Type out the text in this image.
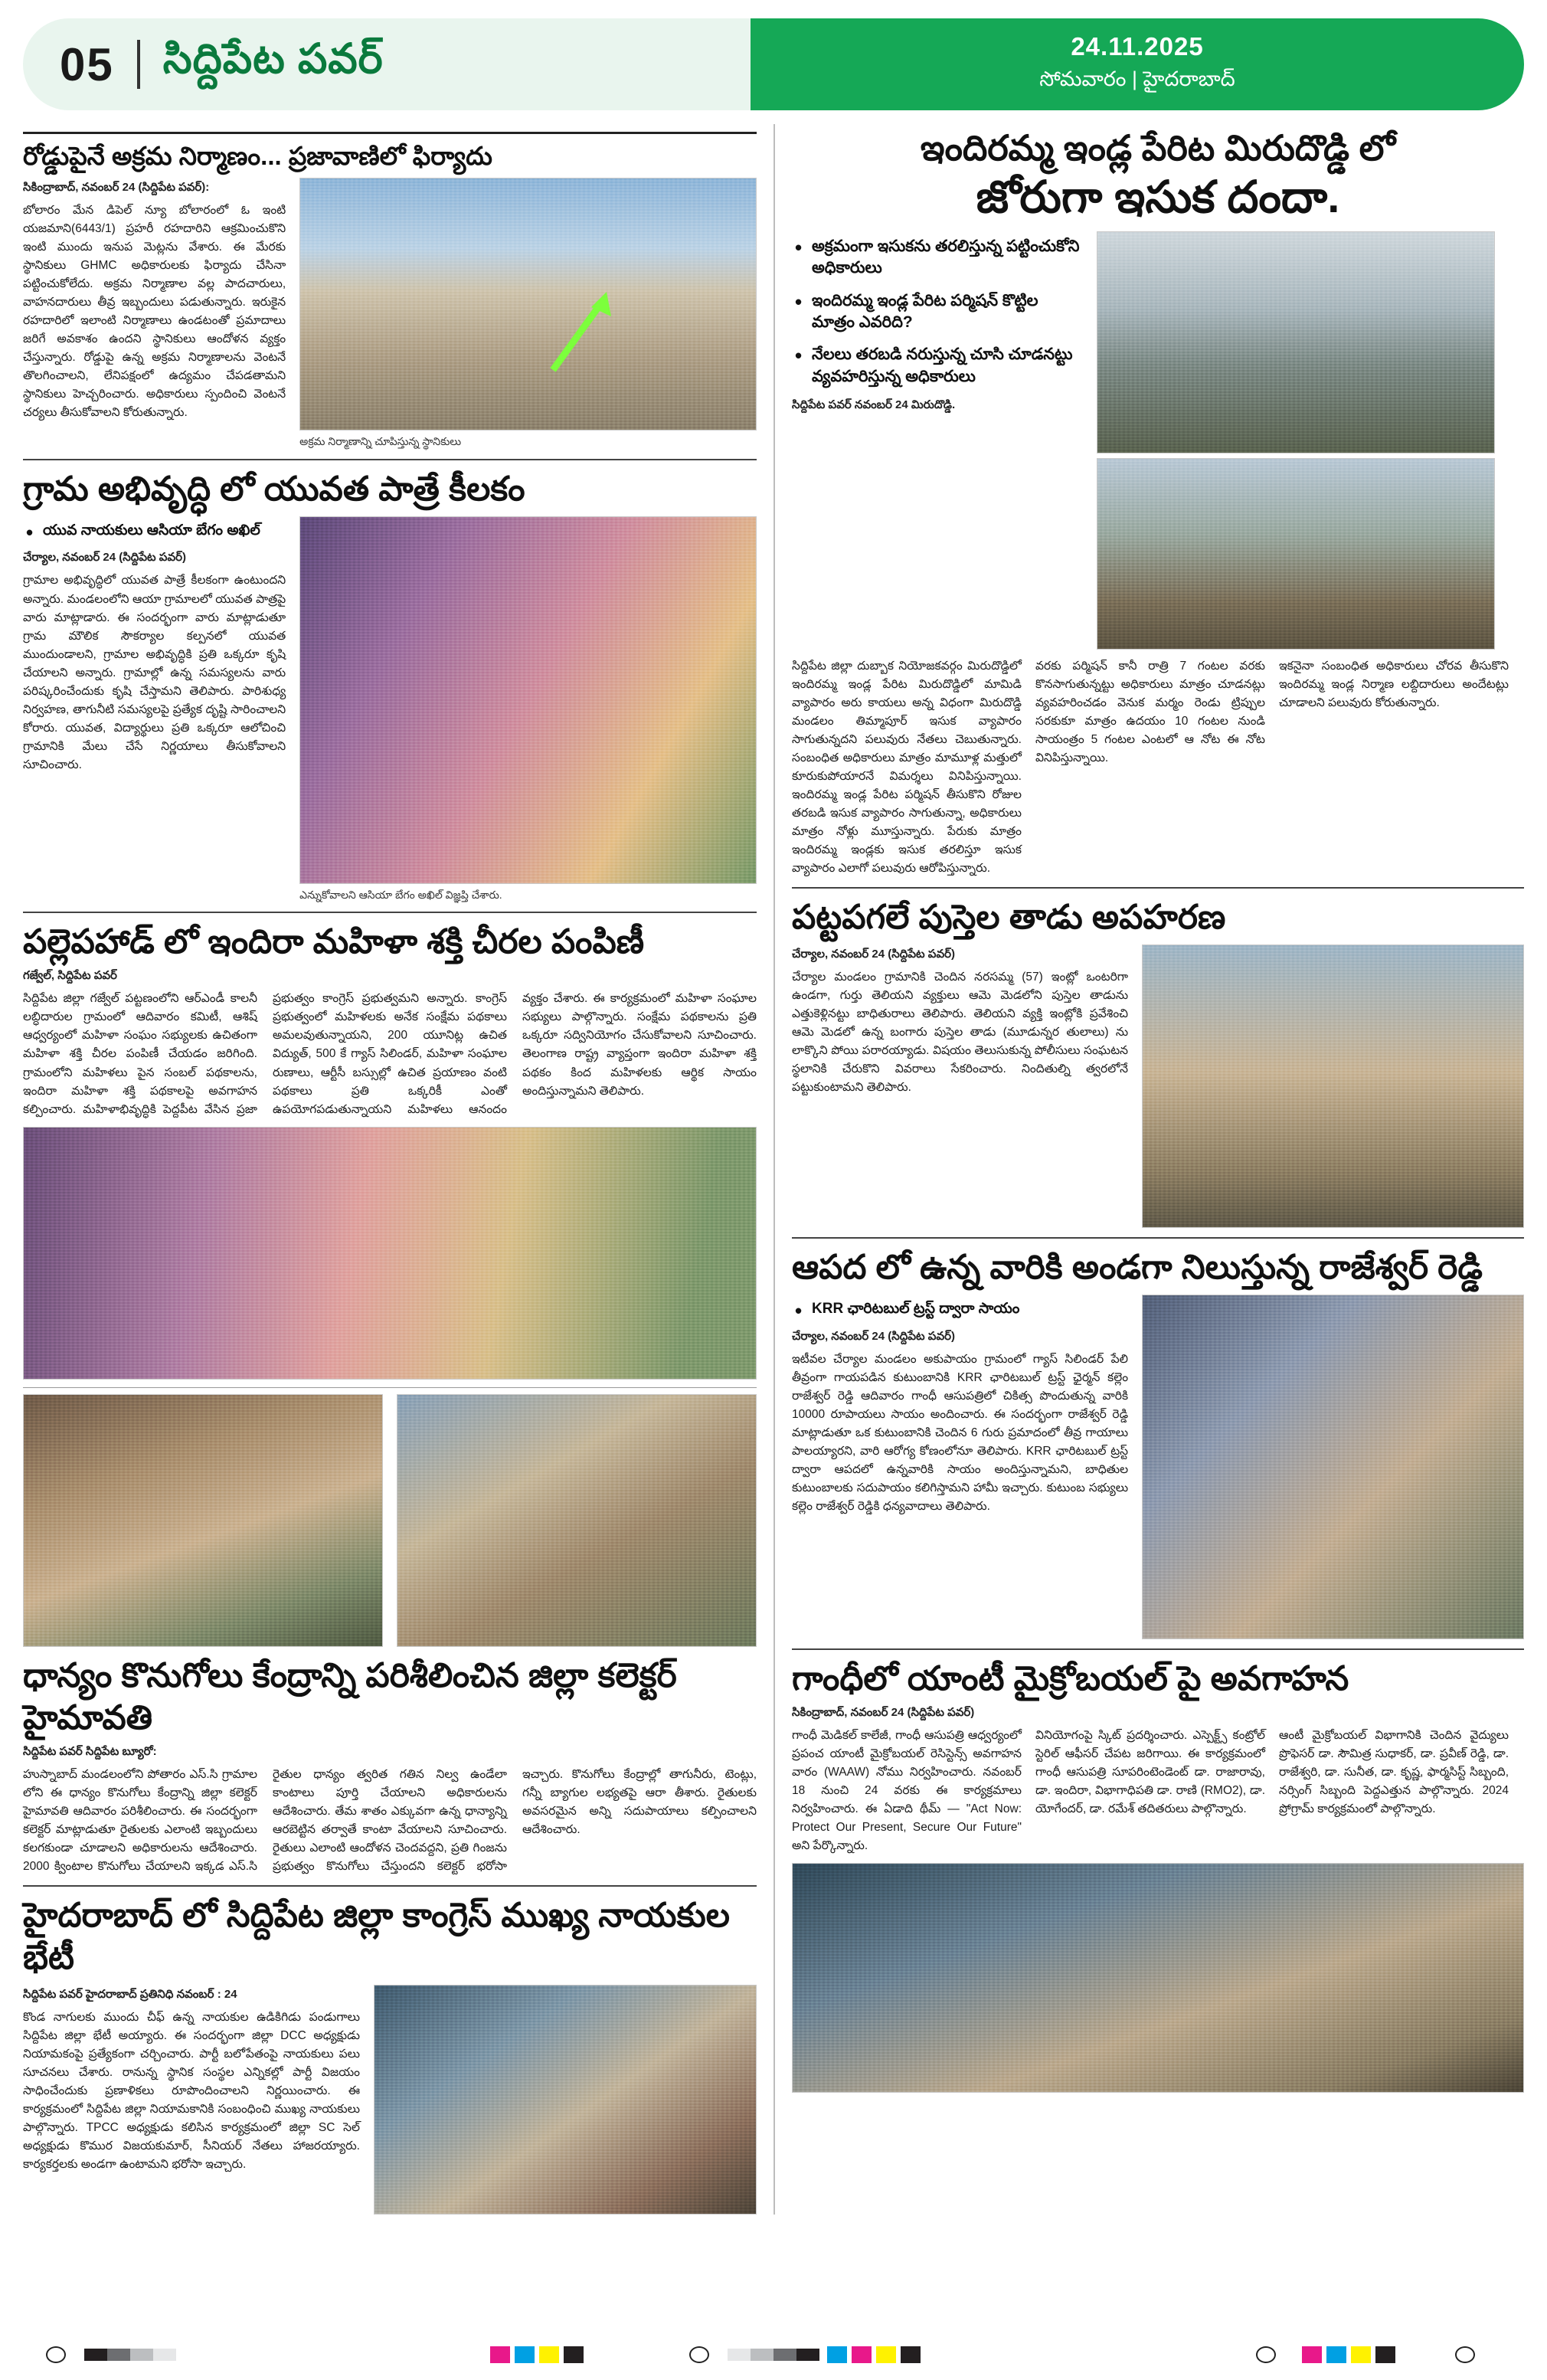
05 సిద్దిపేట పవర్	24.11.2025
సోమవారం | హైదరాబాద్
రోడ్డుపైనే అక్రమ నిర్మాణం... ప్రజావాణిలో ఫిర్యాదు
సికింద్రాబాద్, నవంబర్ 24 (సిద్దిపేట పవర్):
బోలారం మేన డిపెల్ న్యూ బోలారంలో ఓ ఇంటి యజమాని(6443/1) ప్రహరీ రహదారిని ఆక్రమించుకొని ఇంటి ముందు ఇనుప మెట్లను వేశారు. ఈ మేరకు స్థానికులు GHMC అధికారులకు ఫిర్యాదు చేసినా పట్టించుకోలేదు. అక్రమ నిర్మాణాల వల్ల పాదచారులు, వాహనదారులు తీవ్ర ఇబ్బందులు పడుతున్నారు. ఇరుకైన రహదారిలో ఇలాంటి నిర్మాణాలు ఉండటంతో ప్రమాదాలు జరిగే అవకాశం ఉందని స్థానికులు ఆందోళన వ్యక్తం చేస్తున్నారు. రోడ్డుపై ఉన్న అక్రమ నిర్మాణాలను వెంటనే తొలగించాలని, లేనిపక్షంలో ఉద్యమం చేపడతామని స్థానికులు హెచ్చరించారు. అధికారులు స్పందించి వెంటనే చర్యలు తీసుకోవాలని కోరుతున్నారు.
అక్రమ నిర్మాణాన్ని చూపిస్తున్న స్థానికులు
గ్రామ అభివృద్ధి లో యువత పాత్రే కీలకం
• యువ నాయకులు ఆసియా బేగం అఖిల్
చేర్యాల, నవంబర్ 24 (సిద్దిపేట పవర్)
గ్రామాల అభివృద్ధిలో యువత పాత్రే కీలకంగా ఉంటుందని అన్నారు. మండలంలోని ఆయా గ్రామాలలో యువత పాత్రపై వారు మాట్లాడారు. ఈ సందర్భంగా వారు మాట్లాడుతూ గ్రామ మౌలిక సౌకర్యాల కల్పనలో యువత ముందుండాలని, గ్రామాల అభివృద్ధికి ప్రతి ఒక్కరూ కృషి చేయాలని అన్నారు. గ్రామాల్లో ఉన్న సమస్యలను వారు పరిష్కరించేందుకు కృషి చేస్తామని తెలిపారు. పారిశుధ్య నిర్వహణ, తాగునీటి సమస్యలపై ప్రత్యేక దృష్టి సారించాలని కోరారు. యువత, విద్యార్థులు ప్రతి ఒక్కరూ ఆలోచించి గ్రామానికి మేలు చేసే నిర్ణయాలు తీసుకోవాలని సూచించారు.
ఎన్నుకోవాలని ఆసియా బేగం అఖిల్ విజ్ఞప్తి చేశారు.
పల్లెపహాడ్ లో ఇందిరా మహిళా శక్తి చీరల పంపిణీ
గజ్వేల్, సిద్దిపేట పవర్
సిద్దిపేట జిల్లా గజ్వేల్ పట్టణంలోని ఆర్ఎండీ కాలనీ లబ్ధిదారుల గ్రామంలో ఆదివారం కమిటీ, ఆశిష్ ఆధ్వర్యంలో మహిళా సంఘం సభ్యులకు ఉచితంగా మహిళా శక్తి చీరల పంపిణీ చేయడం జరిగింది. గ్రామంలోని మహిళలు పైన సంబల్ పథకాలను, ఇందిరా మహిళా శక్తి పథకాలపై అవగాహన కల్పించారు. మహిళాభివృద్ధికి పెద్దపీట వేసిన ప్రజా ప్రభుత్వం కాంగ్రెస్ ప్రభుత్వమని అన్నారు. కాంగ్రెస్ ప్రభుత్వంలో మహిళలకు అనేక సంక్షేమ పథకాలు అమలవుతున్నాయని, 200 యూనిట్ల ఉచిత విద్యుత్, 500 కే గ్యాస్ సిలిండర్, మహిళా సంఘాల రుణాలు, ఆర్టీసీ బస్సుల్లో ఉచిత ప్రయాణం వంటి పథకాలు ప్రతి ఒక్కరికీ ఎంతో ఉపయోగపడుతున్నాయని మహిళలు ఆనందం వ్యక్తం చేశారు. ఈ కార్యక్రమంలో మహిళా సంఘాల సభ్యులు పాల్గొన్నారు. సంక్షేమ పథకాలను ప్రతి ఒక్కరూ సద్వినియోగం చేసుకోవాలని సూచించారు. తెలంగాణ రాష్ట్ర వ్యాప్తంగా ఇందిరా మహిళా శక్తి పథకం కింద మహిళలకు ఆర్థిక సాయం అందిస్తున్నామని తెలిపారు.
ధాన్యం కొనుగోలు కేంద్రాన్ని పరిశీలించిన జిల్లా కలెక్టర్ హైమావతి
సిద్దిపేట పవర్ సిద్దిపేట బ్యూరో:
హుస్నాబాద్ మండలంలోని పోతారం ఎస్.సి గ్రామాల లోని ఈ ధాన్యం కొనుగోలు కేంద్రాన్ని జిల్లా కలెక్టర్ హైమావతి ఆదివారం పరిశీలించారు. ఈ సందర్భంగా కలెక్టర్ మాట్లాడుతూ రైతులకు ఎలాంటి ఇబ్బందులు కలగకుండా చూడాలని అధికారులను ఆదేశించారు. 2000 క్వింటాల కొనుగోలు చేయాలని ఇక్కడ ఎస్.సి రైతుల ధాన్యం త్వరిత గతిన నిల్వ ఉండేలా కాంటాలు పూర్తి చేయాలని అధికారులను ఆదేశించారు. తేమ శాతం ఎక్కువగా ఉన్న ధాన్యాన్ని ఆరబెట్టిన తర్వాతే కాంటా వేయాలని సూచించారు. రైతులు ఎలాంటి ఆందోళన చెందవద్దని, ప్రతి గింజను ప్రభుత్వం కొనుగోలు చేస్తుందని కలెక్టర్ భరోసా ఇచ్చారు. కొనుగోలు కేంద్రాల్లో తాగునీరు, టెంట్లు, గన్నీ బ్యాగుల లభ్యతపై ఆరా తీశారు. రైతులకు అవసరమైన అన్ని సదుపాయాలు కల్పించాలని ఆదేశించారు.
హైదరాబాద్ లో సిద్దిపేట జిల్లా కాంగ్రెస్ ముఖ్య నాయకుల భేటీ
సిద్దిపేట పవర్ హైదరాబాద్ ప్రతినిధి నవంబర్ : 24
కొండ నాగులకు ముందు చీఫ్ ఉన్న నాయకుల ఉడికిగిడు పండుగాలు సిద్దిపేట జిల్లా భేటీ అయ్యారు. ఈ సందర్భంగా జిల్లా DCC అధ్యక్షుడు నియామకంపై ప్రత్యేకంగా చర్చించారు. పార్టీ బలోపేతంపై నాయకులు పలు సూచనలు చేశారు. రానున్న స్థానిక సంస్థల ఎన్నికల్లో పార్టీ విజయం సాధించేందుకు ప్రణాళికలు రూపొందించాలని నిర్ణయించారు. ఈ కార్యక్రమంలో సిద్దిపేట జిల్లా నియామకానికి సంబంధించి ముఖ్య నాయకులు పాల్గొన్నారు. TPCC అధ్యక్షుడు కలిసిన కార్యక్రమంలో జిల్లా SC సెల్ అధ్యక్షుడు కొముర విజయకుమార్, సీనియర్ నేతలు హాజరయ్యారు. కార్యకర్తలకు అండగా ఉంటామని భరోసా ఇచ్చారు.
ఇందిరమ్మ ఇండ్ల పేరిట మిరుదొడ్డి లో
జోరుగా ఇసుక దందా.
• అక్రమంగా ఇసుకను తరలిస్తున్న పట్టించుకోని అధికారులు
• ఇందిరమ్మ ఇండ్ల పేరిట పర్మిషన్ కొట్టిల మాత్రం ఎవరిది?
• నేలలు తరబడి నరుస్తున్న చూసి చూడనట్టు వ్యవహరిస్తున్న అధికారులు
సిద్దిపేట పవర్ నవంబర్ 24 మిరుదొడ్డి.
సిద్దిపేట జిల్లా దుబ్బాక నియోజకవర్గం మిరుదొడ్డిలో ఇందిరమ్మ ఇండ్ల పేరిట మిరుదొడ్డిలో మామిడి వ్యాపారం అరు కాయలు అన్న విధంగా మిరుదొడ్డి మండలం తిమ్మాపూర్ ఇసుక వ్యాపారం సాగుతున్నదని పలువురు నేతలు చెబుతున్నారు. సంబంధిత అధికారులు మాత్రం మామూళ్ల మత్తులో కూరుకుపోయారనే విమర్శలు వినిపిస్తున్నాయి. ఇందిరమ్మ ఇండ్ల పేరిట పర్మిషన్ తీసుకొని రోజుల తరబడి ఇసుక వ్యాపారం సాగుతున్నా, అధికారులు మాత్రం నోళ్లు మూస్తున్నారు. పేరుకు మాత్రం ఇందిరమ్మ ఇండ్లకు ఇసుక తరలిస్తూ ఇసుక వ్యాపారం ఎలాగో పలువురు ఆరోపిస్తున్నారు.
వరకు పర్మిషన్ కానీ రాత్రి 7 గంటల వరకు కొనసాగుతున్నట్టు అధికారులు మాత్రం చూడనట్లు వ్యవహరించడం వెనుక మర్మం రెండు ట్రిప్పుల సరకుకూ మాత్రం ఉదయం 10 గంటల నుండి సాయంత్రం 5 గంటల ఎంటలో ఆ నోట ఈ నోట వినిపిస్తున్నాయి.
ఇకనైనా సంబంధిత అధికారులు చోరవ తీసుకొని ఇందిరమ్మ ఇండ్ల నిర్మాణ లబ్దిదారులు అందేటట్లు చూడాలని పలువురు కోరుతున్నారు.
పట్టపగలే పుస్తెల తాడు అపహరణ
చేర్యాల, నవంబర్ 24 (సిద్దిపేట పవర్)
చేర్యాల మండలం గ్రామానికి చెందిన నరసమ్మ (57) ఇంట్లో ఒంటరిగా ఉండగా, గుర్తు తెలియని వ్యక్తులు ఆమె మెడలోని పుస్తెల తాడును ఎత్తుకెళ్లినట్టు బాధితురాలు తెలిపారు. తెలియని వ్యక్తి ఇంట్లోకి ప్రవేశించి ఆమె మెడలో ఉన్న బంగారు పుస్తెల తాడు (మూడున్నర తులాలు) ను లాక్కొని పోయి పరారయ్యాడు. విషయం తెలుసుకున్న పోలీసులు సంఘటన స్థలానికి చేరుకొని వివరాలు సేకరించారు. నిందితుల్ని త్వరలోనే పట్టుకుంటామని తెలిపారు.
ఆపద లో ఉన్న వారికి అండగా నిలుస్తున్న రాజేశ్వర్ రెడ్డి
• KRR ఛారిటబుల్ ట్రస్ట్ ద్వారా సాయం
చేర్యాల, నవంబర్ 24 (సిద్దిపేట పవర్)
ఇటీవల చేర్యాల మండలం అకుపాయం గ్రామంలో గ్యాస్ సిలిండర్ పేలి తీవ్రంగా గాయపడిన కుటుంబానికి KRR ఛారిటబుల్ ట్రస్ట్ ఛైర్మన్ కల్లెం రాజేశ్వర్ రెడ్డి ఆదివారం గాంధీ ఆసుపత్రిలో చికిత్స పొందుతున్న వారికి 10000 రూపాయలు సాయం అందించారు. ఈ సందర్భంగా రాజేశ్వర్ రెడ్డి మాట్లాడుతూ ఒక కుటుంబానికి చెందిన 6 గురు ప్రమాదంలో తీవ్ర గాయాలు పాలయ్యారని, వారి ఆరోగ్య కోణంలోనూ తెలిపారు. KRR ఛారిటబుల్ ట్రస్ట్ ద్వారా ఆపదలో ఉన్నవారికి సాయం అందిస్తున్నామని, బాధితుల కుటుంబాలకు సదుపాయం కలిగిస్తామని హామీ ఇచ్చారు. కుటుంబ సభ్యులు కల్లెం రాజేశ్వర్ రెడ్డికి ధన్యవాదాలు తెలిపారు.
గాంధీలో యాంటీ మైక్రోబయల్ పై అవగాహన
సికింద్రాబాద్, నవంబర్ 24 (సిద్దిపేట పవర్)
గాంధీ మెడికల్ కాలేజీ, గాంధీ ఆసుపత్రి ఆధ్వర్యంలో ప్రపంచ యాంటీ మైక్రోబయల్ రెసిస్టెన్స్ అవగాహన వారం (WAAW) నోము నిర్వహించారు. నవంబర్ 18 నుంచి 24 వరకు ఈ కార్యక్రమాలు నిర్వహించారు. ఈ ఏడాది థీమ్ — "Act Now: Protect Our Present, Secure Our Future" అని పేర్కొన్నారు.
వినియోగంపై స్కిట్ ప్రదర్శించారు. ఎస్పెక్ట్స్ కంట్రోల్ స్టెరిల్ ఆఫీసర్ చేపట జరిగాయి. ఈ కార్యక్రమంలో గాంధీ ఆసుపత్రి సూపరింటెండెంట్ డా. రాజారావు, డా. ఇందిరా, విభాగాధిపతి డా. రాణి (RMO2), డా. యోగేందర్, డా. రమేశ్ తదితరులు పాల్గొన్నారు.
ఆంటీ మైక్రోబయల్ విభాగానికి చెందిన వైద్యులు ప్రొఫెసర్ డా. సౌమిత్ర సుధాకర్, డా. ప్రవీణ్ రెడ్డి, డా. రాజేశ్వరి, డా. సునీత, డా. కృష్ణ, ఫార్మసిస్ట్ సిబ్బంది, నర్సింగ్ సిబ్బంది పెద్దఎత్తున పాల్గొన్నారు. 2024 ప్రోగ్రామ్ కార్యక్రమంలో పాల్గొన్నారు.
